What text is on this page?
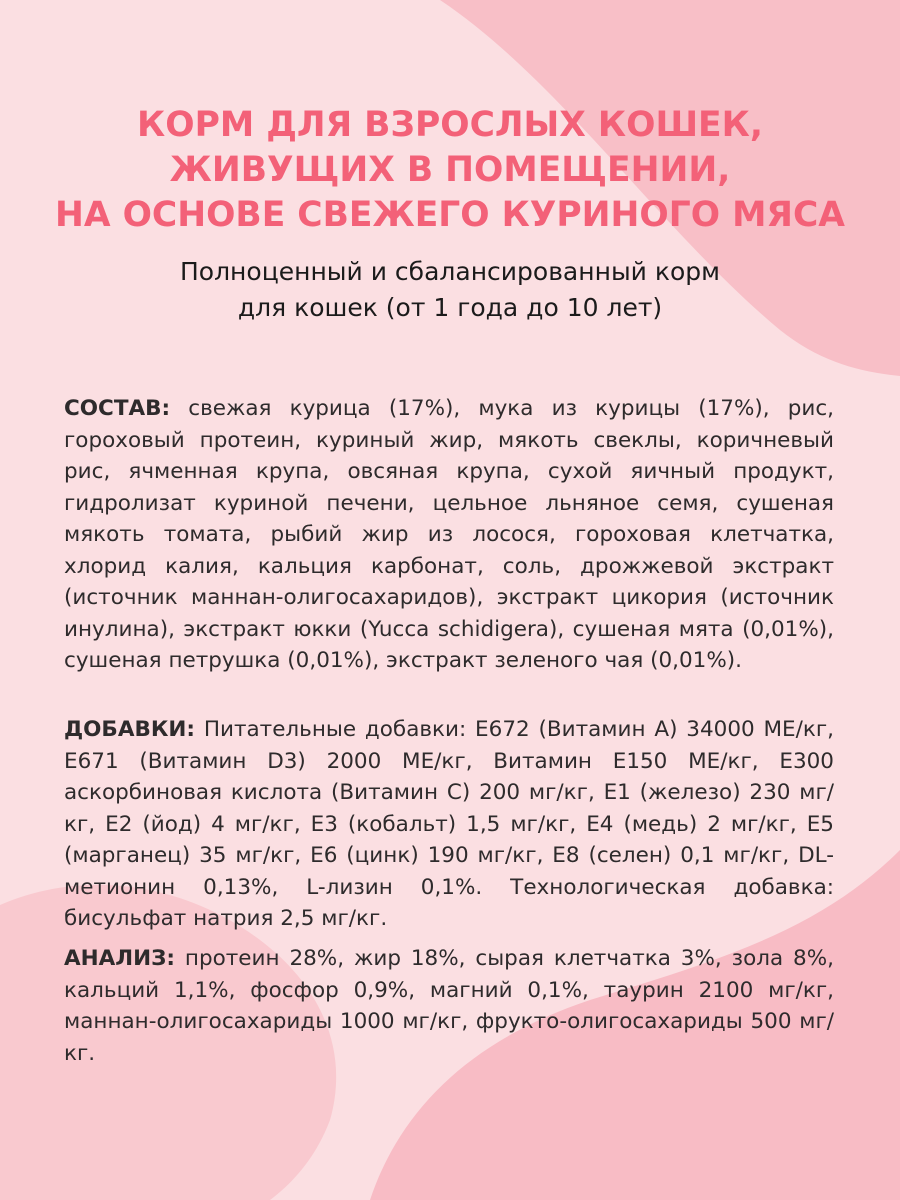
КОРМ ДЛЯ ВЗРОСЛЫХ КОШЕК,
ЖИВУЩИХ В ПОМЕЩЕНИИ,
НА ОСНОВЕ СВЕЖЕГО КУРИНОГО МЯСА

Полноценный и сбалансированный корм
для кошек (от 1 года до 10 лет)

СОСТАВ: свежая курица (17%), мука из курицы (17%), рис, гороховый протеин, куриный жир, мякоть свеклы, коричневый рис, ячменная крупа, овсяная крупа, сухой яичный продукт, гидролизат куриной печени, цельное льняное семя, сушеная мякоть томата, рыбий жир из лосося, гороховая клетчатка, хлорид калия, кальция карбонат, соль, дрожжевой экстракт (источник маннан-олигосахаридов), экстракт цикория (источник инулина), экстракт юкки (Yucca schidigera), сушеная мята (0,01%), сушеная петрушка (0,01%), экстракт зеленого чая (0,01%).

ДОБАВКИ: Питательные добавки: Е672 (Витамин А) 34000 МЕ/кг, Е671 (Витамин D3) 2000 МЕ/кг, Витамин Е150 МЕ/кг, Е300 аскорбиновая кислота (Витамин С) 200 мг/кг, Е1 (железо) 230 мг/кг, Е2 (йод) 4 мг/кг, Е3 (кобальт) 1,5 мг/кг, Е4 (медь) 2 мг/кг, Е5 (марганец) 35 мг/кг, Е6 (цинк) 190 мг/кг, Е8 (селен) 0,1 мг/кг, DL-метионин 0,13%, L-лизин 0,1%. Технологическая добавка: бисульфат натрия 2,5 мг/кг.

АНАЛИЗ: протеин 28%, жир 18%, сырая клетчатка 3%, зола 8%, кальций 1,1%, фосфор 0,9%, магний 0,1%, таурин 2100 мг/кг, маннан-олигосахариды 1000 мг/кг, фрукто-олигосахариды 500 мг/кг.
